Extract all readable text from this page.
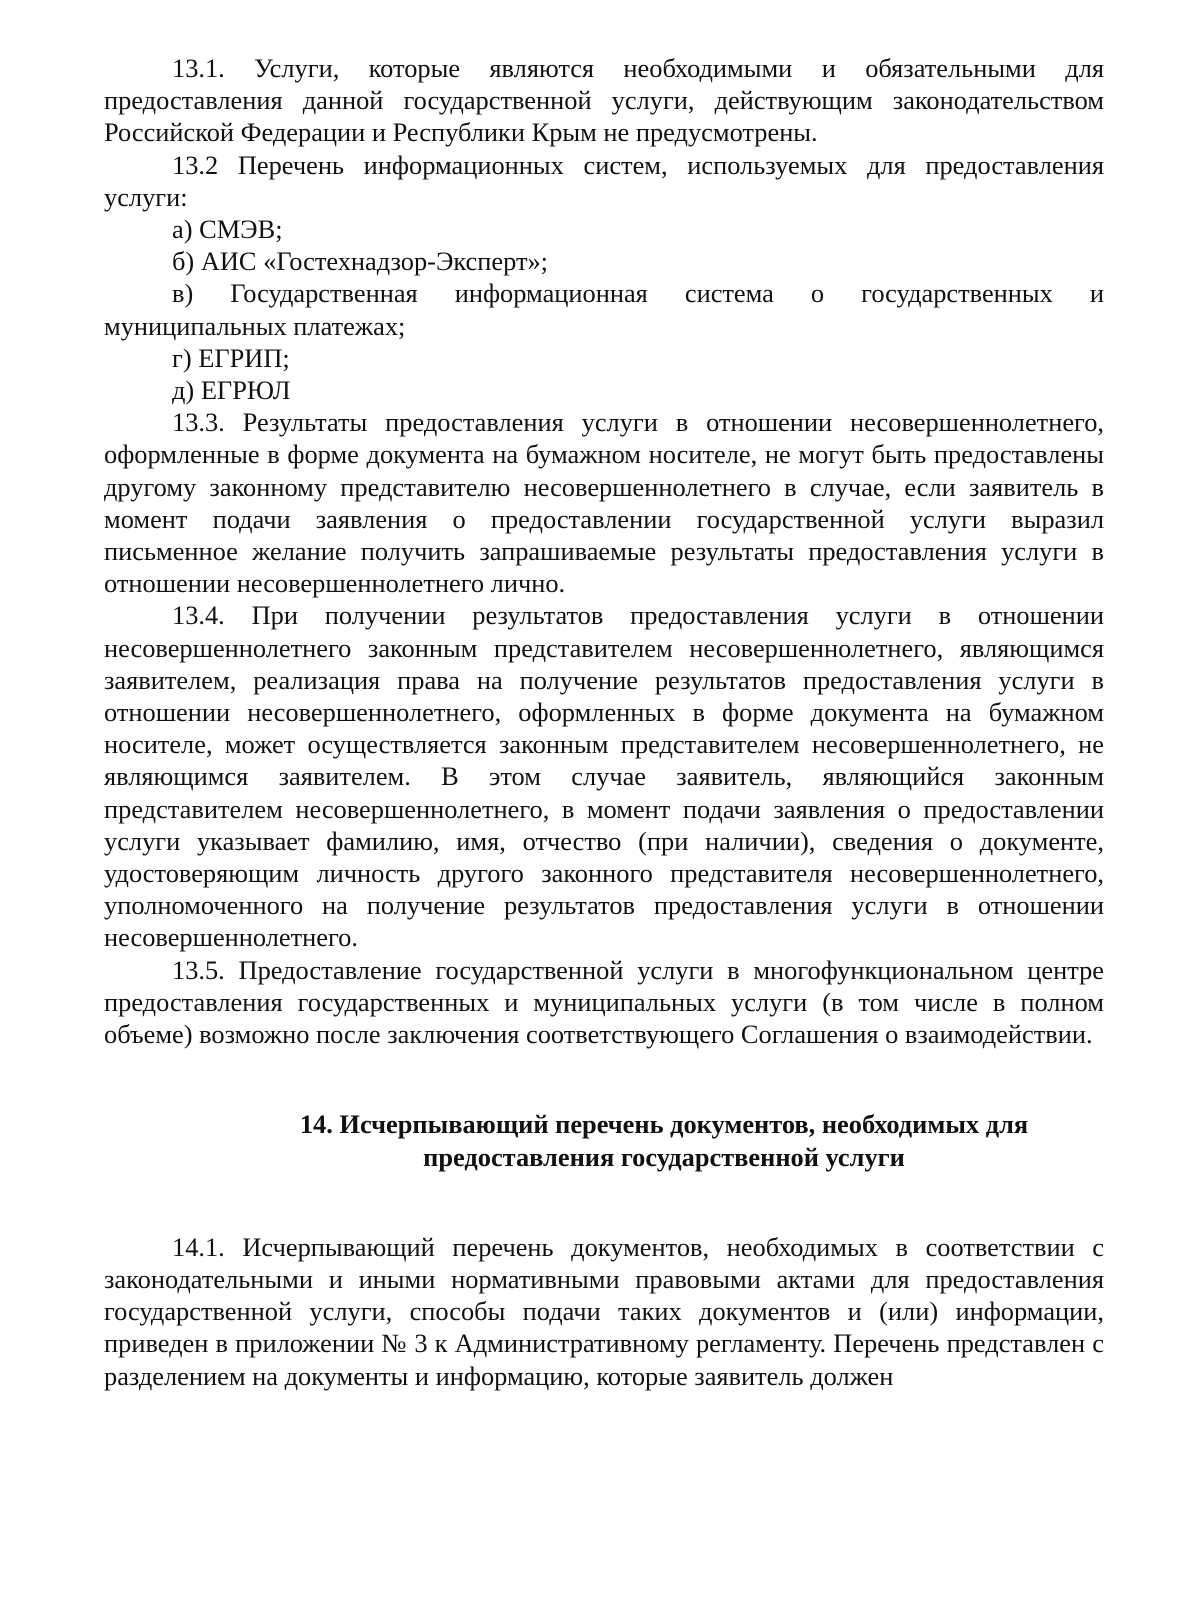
13.1. Услуги, которые являются необходимыми и обязательными для предоставления данной государственной услуги, действующим законодательством Российской Федерации и Республики Крым не предусмотрены.

13.2 Перечень информационных систем, используемых для предоставления услуги:

а) СМЭВ;

б) АИС «Гостехнадзор-Эксперт»;

в) Государственная информационная система о государственных и муниципальных платежах;

г) ЕГРИП;

д) ЕГРЮЛ

13.3. Результаты предоставления услуги в отношении несовершеннолетнего, оформленные в форме документа на бумажном носителе, не могут быть предоставлены другому законному представителю несовершеннолетнего в случае, если заявитель в момент подачи заявления о предоставлении государственной услуги выразил письменное желание получить запрашиваемые результаты предоставления услуги в отношении несовершеннолетнего лично.

13.4. При получении результатов предоставления услуги в отношении несовершеннолетнего законным представителем несовершеннолетнего, являющимся заявителем, реализация права на получение результатов предоставления услуги в отношении несовершеннолетнего, оформленных в форме документа на бумажном носителе, может осуществляется законным представителем несовершеннолетнего, не являющимся заявителем. В этом случае заявитель, являющийся законным представителем несовершеннолетнего, в момент подачи заявления о предоставлении услуги указывает фамилию, имя, отчество (при наличии), сведения о документе, удостоверяющим личность другого законного представителя несовершеннолетнего, уполномоченного на получение результатов предоставления услуги в отношении несовершеннолетнего.

13.5. Предоставление государственной услуги в многофункциональном центре предоставления государственных и муниципальных услуги (в том числе в полном объеме) возможно после заключения соответствующего Соглашения о взаимодействии.

14. Исчерпывающий перечень документов, необходимых для
предоставления государственной услуги

14.1. Исчерпывающий перечень документов, необходимых в соответствии с законодательными и иными нормативными правовыми актами для предоставления государственной услуги, способы подачи таких документов и (или) информации, приведен в приложении № 3 к Административному регламенту. Перечень представлен с разделением на документы и информацию, которые заявитель должен
